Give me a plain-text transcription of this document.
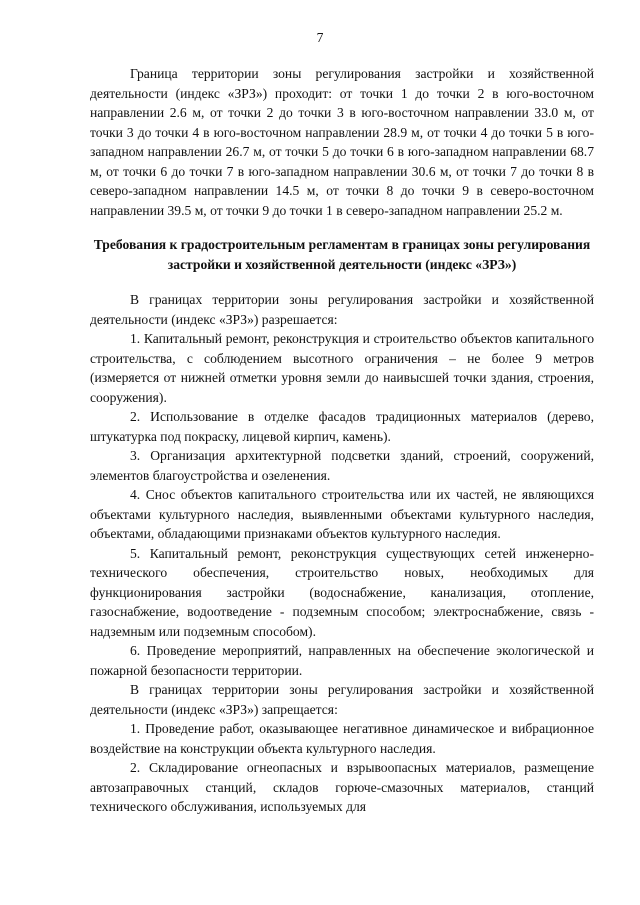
7

Граница территории зоны регулирования застройки и хозяйственной деятельности (индекс «ЗРЗ») проходит: от точки 1 до точки 2 в юго-восточном направлении 2.6 м, от точки 2 до точки 3 в юго-восточном направлении 33.0 м, от точки 3 до точки 4 в юго-восточном направлении 28.9 м, от точки 4 до точки 5 в юго-западном направлении 26.7 м, от точки 5 до точки 6 в юго-западном направлении 68.7 м, от точки 6 до точки 7 в юго-западном направлении 30.6 м, от точки 7 до точки 8 в северо-западном направлении 14.5 м, от точки 8 до точки 9 в северо-восточном направлении 39.5 м, от точки 9 до точки 1 в северо-западном направлении 25.2 м.

Требования к градостроительным регламентам в границах зоны регулирования застройки и хозяйственной деятельности (индекс «ЗРЗ»)

В границах территории зоны регулирования застройки и хозяйственной деятельности (индекс «ЗРЗ») разрешается:

1. Капитальный ремонт, реконструкция и строительство объектов капитального строительства, с соблюдением высотного ограничения – не более 9 метров (измеряется от нижней отметки уровня земли до наивысшей точки здания, строения, сооружения).

2. Использование в отделке фасадов традиционных материалов (дерево, штукатурка под покраску, лицевой кирпич, камень).

3. Организация архитектурной подсветки зданий, строений, сооружений, элементов благоустройства и озеленения.

4. Снос объектов капитального строительства или их частей, не являющихся объектами культурного наследия, выявленными объектами культурного наследия, объектами, обладающими признаками объектов культурного наследия.

5. Капитальный ремонт, реконструкция существующих сетей инженерно-технического обеспечения, строительство новых, необходимых для функционирования застройки (водоснабжение, канализация, отопление, газоснабжение, водоотведение - подземным способом; электроснабжение, связь - надземным или подземным способом).

6. Проведение мероприятий, направленных на обеспечение экологической и пожарной безопасности территории.

В границах территории зоны регулирования застройки и хозяйственной деятельности (индекс «ЗРЗ») запрещается:

1. Проведение работ, оказывающее негативное динамическое и вибрационное воздействие на конструкции объекта культурного наследия.

2. Складирование огнеопасных и взрывоопасных материалов, размещение автозаправочных станций, складов горюче-смазочных материалов, станций технического обслуживания, используемых для
